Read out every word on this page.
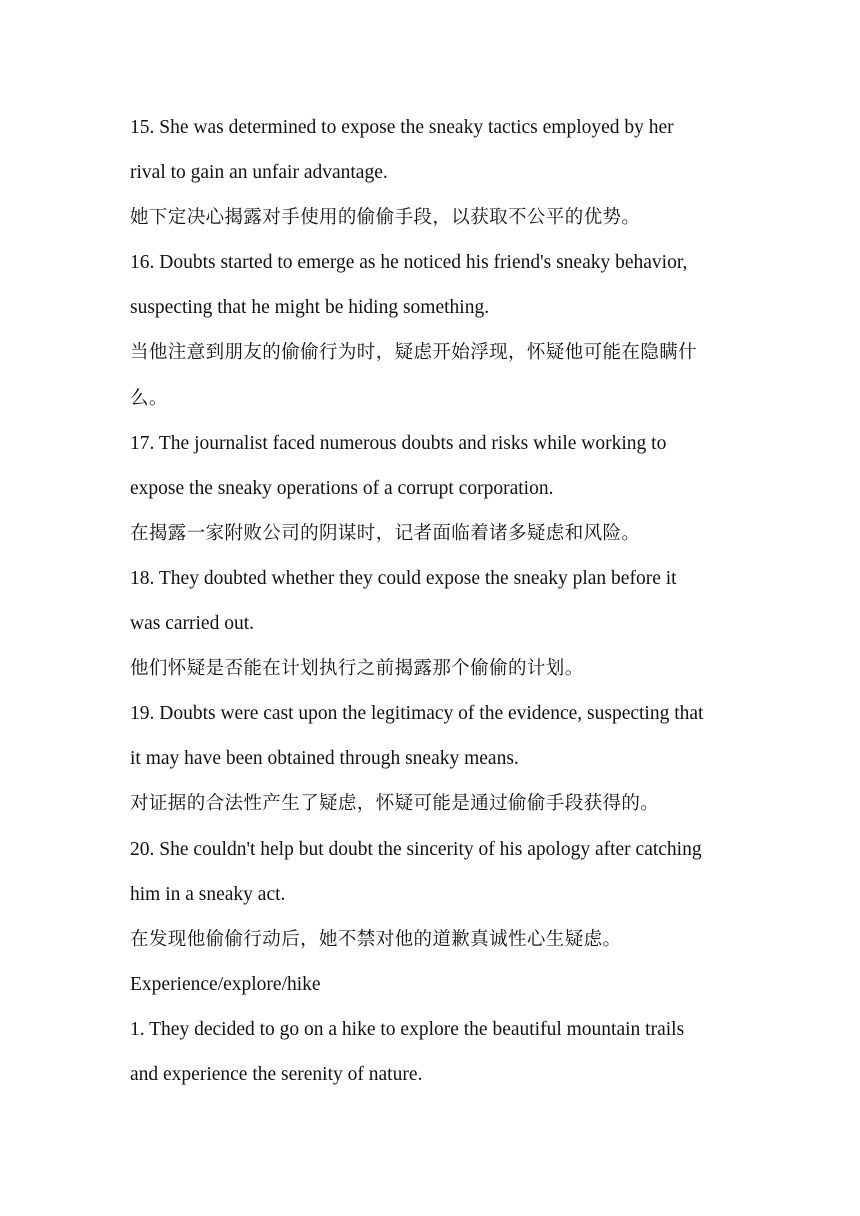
15. She was determined to expose the sneaky tactics employed by her
rival to gain an unfair advantage.
她下定决心揭露对手使用的偷偷手段，以获取不公平的优势。
16. Doubts started to emerge as he noticed his friend's sneaky behavior,
suspecting that he might be hiding something.
当他注意到朋友的偷偷行为时，疑虑开始浮现，怀疑他可能在隐瞒什
么。
17. The journalist faced numerous doubts and risks while working to
expose the sneaky operations of a corrupt corporation.
在揭露一家附败公司的阴谋时，记者面临着诸多疑虑和风险。
18. They doubted whether they could expose the sneaky plan before it
was carried out.
他们怀疑是否能在计划执行之前揭露那个偷偷的计划。
19. Doubts were cast upon the legitimacy of the evidence, suspecting that
it may have been obtained through sneaky means.
对证据的合法性产生了疑虑，怀疑可能是通过偷偷手段获得的。
20. She couldn't help but doubt the sincerity of his apology after catching
him in a sneaky act.
在发现他偷偷行动后，她不禁对他的道歉真诚性心生疑虑。
Experience/explore/hike
1. They decided to go on a hike to explore the beautiful mountain trails
and experience the serenity of nature.
